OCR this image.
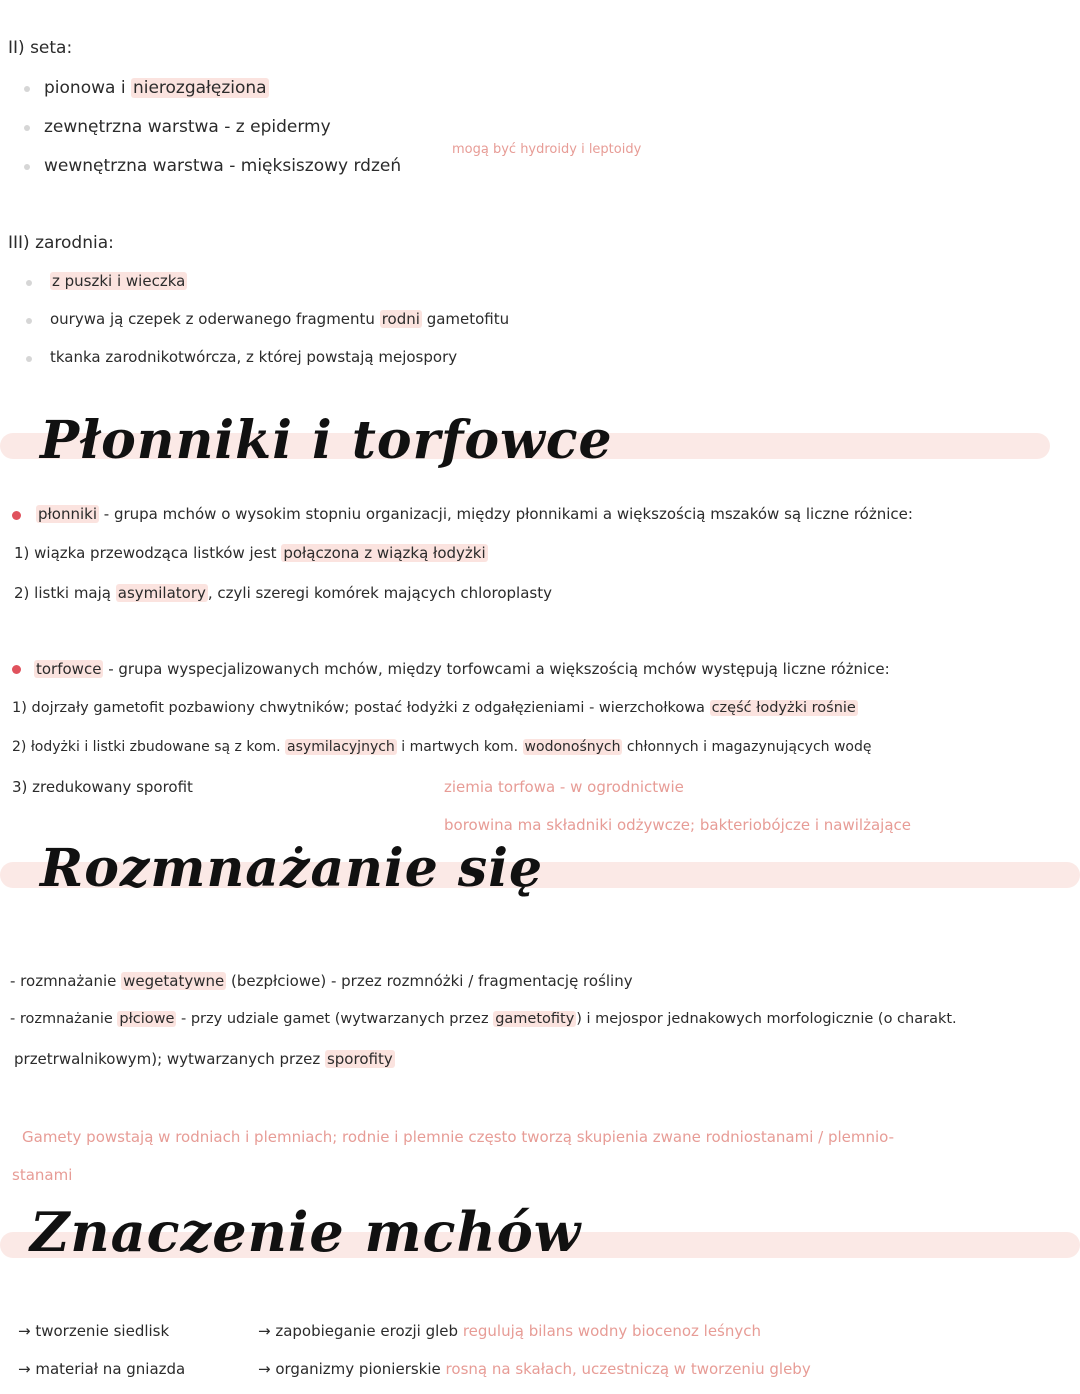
II) seta:
pionowa i nierozgałęziona
zewnętrzna warstwa - z epidermy
wewnętrzna warstwa - mięksiszowy rdzeń
mogą być hydroidy i leptoidy
III) zarodnia:
z puszki i wieczka
ourywa ją czepek z oderwanego fragmentu rodni gametofitu
tkanka zarodnikotwórcza, z której powstają mejospory
Płonniki i torfowce
płonniki - grupa mchów o wysokim stopniu organizacji, między płonnikami a większością mszaków są liczne różnice:
1) wiązka przewodząca listków jest połączona z wiązką łodyżki
2) listki mają asymilatory , czyli szeregi komórek mających chloroplasty
torfowce - grupa wyspecjalizowanych mchów, między torfowcami a większością mchów występują liczne różnice:
1) dojrzały gametofit pozbawiony chwytników; postać łodyżki z odgałęzieniami - wierzchołkowa część łodyżki rośnie
2) łodyżki i listki zbudowane są z kom. asymilacyjnych i martwych kom. wodonośnych chłonnych i magazynujących wodę
3) zredukowany sporofit	ziemia torfowa - w ogrodnictwie
borowina ma składniki odżywcze; bakteriobójcze i nawilżające
Rozmnażanie się
- rozmnażanie wegetatywne (bezpłciowe) - przez rozmnóżki / fragmentację rośliny
- rozmnażanie płciowe - przy udziale gamet (wytwarzanych przez gametofity ) i mejospor jednakowych morfologicznie (o charakt.
przetrwalnikowym); wytwarzanych przez sporofity
Gamety powstają w rodniach i plemniach; rodnie i plemnie często tworzą skupienia zwane rodniostanami / plemnio-
stanami
Znaczenie mchów
→ tworzenie siedlisk
→ materiał na gniazda
→ zapobieganie erozji gleb regulują bilans wodny biocenoz leśnych
→ organizmy pionierskie rosną na skałach, uczestniczą w tworzeniu gleby
